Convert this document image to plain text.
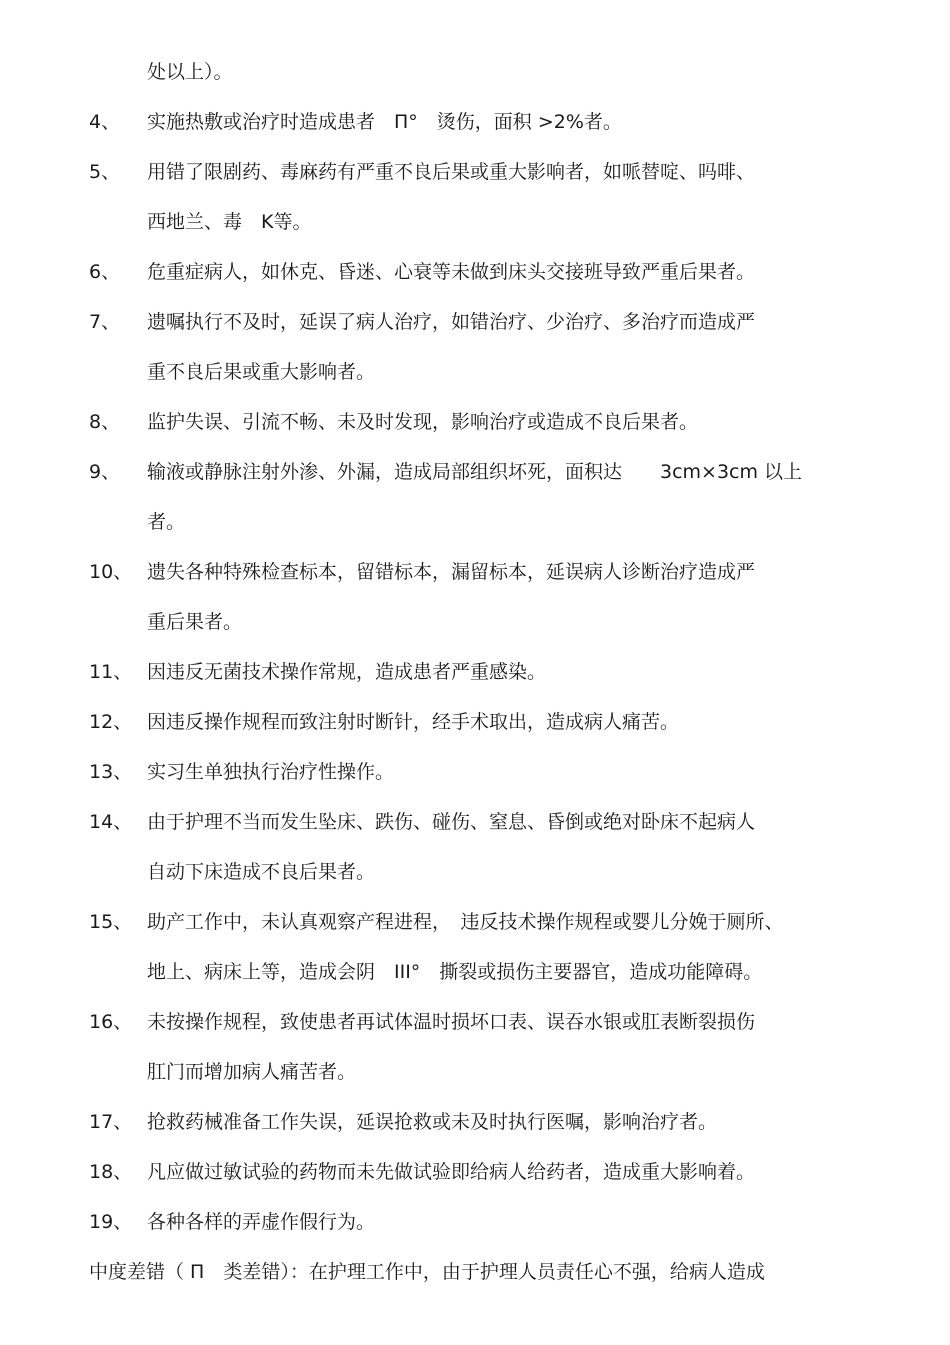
处以上）。
4、 实施热敷或治疗时造成患者　Π°　烫伤，面积 >2%者。
5、 用错了限剧药、毒麻药有严重不良后果或重大影响者，如哌替啶、吗啡、
西地兰、毒　K等。
6、 危重症病人，如休克、昏迷、心衰等未做到床头交接班导致严重后果者。
7、 遗嘱执行不及时，延误了病人治疗，如错治疗、少治疗、多治疗而造成严
重不良后果或重大影响者。
8、 监护失误、引流不畅、未及时发现，影响治疗或造成不良后果者。
9、 输液或静脉注射外渗、外漏，造成局部组织坏死，面积达　　3cm×3cm 以上
者。
10、 遗失各种特殊检查标本，留错标本，漏留标本，延误病人诊断治疗造成严
重后果者。
11、 因违反无菌技术操作常规，造成患者严重感染。
12、 因违反操作规程而致注射时断针，经手术取出，造成病人痛苦。
13、 实习生单独执行治疗性操作。
14、 由于护理不当而发生坠床、跌伤、碰伤、窒息、昏倒或绝对卧床不起病人
自动下床造成不良后果者。
15、 助产工作中，未认真观察产程进程，　违反技术操作规程或婴儿分娩于厕所、
地上、病床上等，造成会阴　III°　撕裂或损伤主要器官，造成功能障碍。
16、 未按操作规程，致使患者再试体温时损坏口表、误吞水银或肛表断裂损伤
肛门而增加病人痛苦者。
17、 抢救药械准备工作失误，延误抢救或未及时执行医嘱，影响治疗者。
18、 凡应做过敏试验的药物而未先做试验即给病人给药者，造成重大影响着。
19、 各种各样的弄虚作假行为。
中度差错（ Π　类差错）：在护理工作中，由于护理人员责任心不强，给病人造成
